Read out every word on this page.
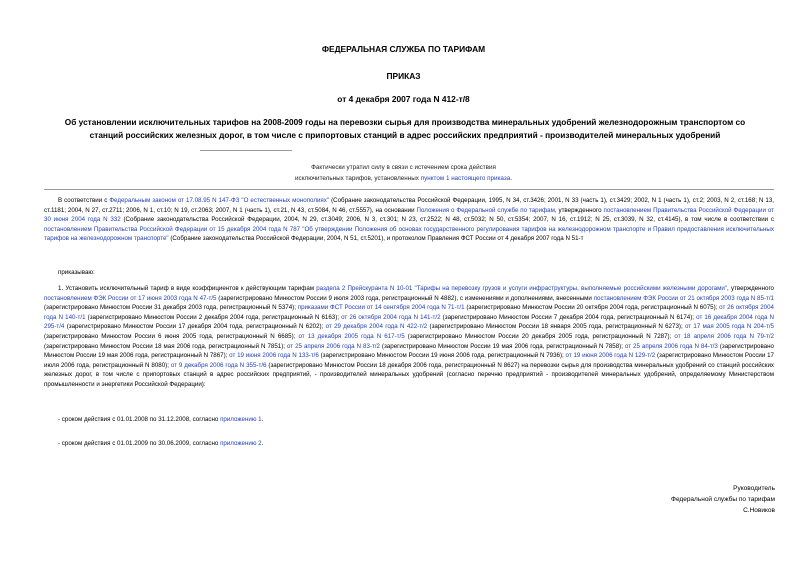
ФЕДЕРАЛЬНАЯ СЛУЖБА ПО ТАРИФАМ
ПРИКАЗ
от 4 декабря 2007 года N 412-т/8
Об установлении исключительных тарифов на 2008-2009 годы на перевозки сырья для производства минеральных удобрений железнодорожным транспортом со станций российских железных дорог, в том числе с припортовых станций в адрес российских предприятий - производителей минеральных удобрений
Фактически утратил силу в связи с истечением срока действия
исключительных тарифов, установленных пунктом 1 настоящего приказа.
В соответствии с Федеральным законом от 17.08.95 N 147-ФЗ "О естественных монополиях" (Собрание законодательства Российской Федерации, 1995, N 34, ст.3426; 2001, N 33 (часть 1), ст.3429; 2002, N 1 (часть 1), ст.2; 2003, N 2, ст.168; N 13, ст.1181; 2004, N 27, ст.2711; 2006, N 1, ст.10; N 19, ст.2063; 2007, N 1 (часть 1), ст.21, N 43, ст.5084, N 46, ст.5557), на основании Положения о Федеральной службе по тарифам, утвержденного постановлением Правительства Российской Федерации от 30 июня 2004 года N 332 (Собрание законодательства Российской Федерации, 2004, N 29, ст.3049; 2006, N 3, ст.301; N 23, ст.2522; N 48, ст.5032; N 50, ст.5354; 2007, N 16, ст.1912; N 25, ст.3039, N 32, ст.4145), в том числе в соответствии с постановлением Правительства Российской Федерации от 15 декабря 2004 года N 787 "Об утверждении Положения об основах государственного регулирования тарифов на железнодорожном транспорте и Правил предоставления исключительных тарифов на железнодорожном транспорте" (Собрание законодательства Российской Федерации, 2004, N 51, ст.5201), и протоколом Правления ФСТ России от 4 декабря 2007 года N 51-т
приказываю:
1. Установить исключительный тариф в виде коэффициентов к действующим тарифам раздела 2 Прейскуранта N 10-01 "Тарифы на перевозку грузов и услуги инфраструктуры, выполняемые российскими железными дорогами", утвержденного постановлением ФЭК России от 17 июня 2003 года N 47-т/5 (зарегистрировано Минюстом России 9 июля 2003 года, регистрационный N 4882), с изменениями и дополнениями, внесенными постановлением ФЭК России от 21 октября 2003 года N 85-т/1 (зарегистрировано Минюстом России 31 декабря 2003 года, регистрационный N 5374); приказами ФСТ России от 14 сентября 2004 года N 71-т/1 (зарегистрировано Минюстом России 20 октября 2004 года, регистрационный N 6075); от 26 октября 2004 года N 140-т/1 (зарегистрировано Минюстом России 2 декабря 2004 года, регистрационный N 6163); от 26 октября 2004 года N 141-т/2 (зарегистрировано Минюстом России 7 декабря 2004 года, регистрационный N 6174); от 16 декабря 2004 года N 295-т/4 (зарегистрировано Минюстом России 17 декабря 2004 года, регистрационный N 6202); от 29 декабря 2004 года N 422-т/2 (зарегистрировано Минюстом России 18 января 2005 года, регистрационный N 6273); от 17 мая 2005 года N 204-т/5 (зарегистрировано Минюстом России 6 июня 2005 года, регистрационный N 6685); от 13 декабря 2005 года N 617-т/5 (зарегистрировано Минюстом России 20 декабря 2005 года, регистрационный N 7287); от 18 апреля 2006 года N 79-т/2 (зарегистрировано Минюстом России 18 мая 2006 года, регистрационный N 7851); от 25 апреля 2006 года N 83-т/2 (зарегистрировано Минюстом России 19 мая 2006 года, регистрационный N 7858); от 25 апреля 2006 года N 84-т/3 (зарегистрировано Минюстом России 19 мая 2006 года, регистрационный N 7867); от 19 июня 2006 года N 133-т/6 (зарегистрировано Минюстом России 19 июня 2006 года, регистрационный N 7936); от 19 июня 2006 года N 129-т/2 (зарегистрировано Минюстом России 17 июля 2006 года, регистрационный N 8080); от 9 декабря 2006 года N 355-т/6 (зарегистрировано Минюстом России 18 декабря 2006 года, регистрационный N 8627) на перевозки сырья для производства минеральных удобрений со станций российских железных дорог, в том числе с припортовых станций в адрес российских предприятий, - производителей минеральных удобрений (согласно перечню предприятий - производителей минеральных удобрений, определяемому Министерством промышленности и энергетики Российской Федерации):
- сроком действия с 01.01.2008 по 31.12.2008, согласно приложению 1.
- сроком действия с 01.01.2009 по 30.06.2009, согласно приложению 2.
Руководитель
Федеральной службы по тарифам
С.Новиков
